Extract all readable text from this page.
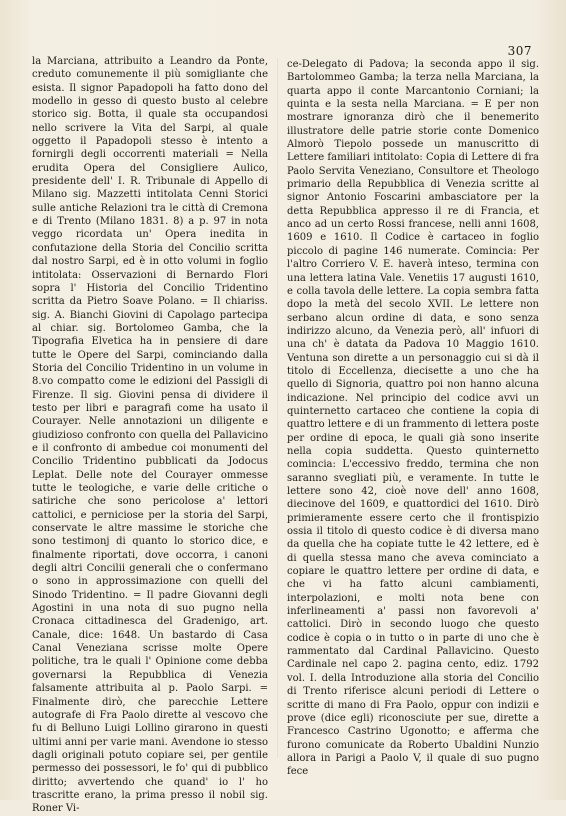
307

la Marciana, attribuito a Leandro da Ponte, creduto comunemente il più somigliante che esista. Il signor Papadopoli ha fatto dono del modello in gesso di questo busto al celebre storico sig. Botta, il quale sta occupandosi nello scrivere la Vita del Sarpi, al quale oggetto il Papadopoli stesso è intento a fornirgli degli occorrenti materiali = Nella erudita Opera del Consigliere Aulico, presidente dell' I. R. Tribunale di Appello di Milano sig. Mazzetti intitolata Cenni Storici sulle antiche Relazioni tra le città di Cremona e di Trento (Milano 1831. 8) a p. 97 in nota veggo ricordata un' Opera inedita in confutazione della Storia del Concilio scritta dal nostro Sarpi, ed è in otto volumi in foglio intitolata: Osservazioni di Bernardo Flori sopra l' Historia del Concilio Tridentino scritta da Pietro Soave Polano. = Il chiariss. sig. A. Bianchi Giovini di Capolago partecipa al chiar. sig. Bortolomeo Gamba, che la Tipografia Elvetica ha in pensiere di dare tutte le Opere del Sarpi, cominciando dalla Storia del Concilio Tridentino in un volume in 8.vo compatto come le edizioni del Passigli di Firenze. Il sig. Giovini pensa di dividere il testo per libri e paragrafi come ha usato il Courayer. Nelle annotazioni un diligente e giudizioso confronto con quella del Pallavicino e il confronto di ambedue coi monumenti del Concilio Tridentino pubblicati da Jodocus Leplat. Delle note del Courayer ommesse tutte le teologiche, e varie delle critiche o satiriche che sono pericolose a' lettori cattolici, e perniciose per la storia del Sarpi, conservate le altre massime le storiche che sono testimonj di quanto lo storico dice, e finalmente riportati, dove occorra, i canoni degli altri Concilii generali che o confermano o sono in approssimazione con quelli del Sinodo Tridentino. = Il padre Giovanni degli Agostini in una nota di suo pugno nella Cronaca cittadinesca del Gradenigo, art. Canale, dice: 1648. Un bastardo di Casa Canal Veneziana scrisse molte Opere politiche, tra le quali l' Opinione come debba governarsi la Repubblica di Venezia falsamente attribuita al p. Paolo Sarpi. = Finalmente dirò, che parecchie Lettere autografe di Fra Paolo dirette al vescovo che fu di Belluno Luigi Lollino girarono in questi ultimi anni per varie mani. Avendone io stesso dagli originali potuto copiare sei, per gentile permesso dei possessori, le fo' qui di pubblico diritto; avvertendo che quand' io l' ho trascritte erano, la prima presso il nobil sig. Roner Vi-

ce-Delegato di Padova; la seconda appo il sig. Bartolommeo Gamba; la terza nella Marciana, la quarta appo il conte Marcantonio Corniani; la quinta e la sesta nella Marciana. = E per non mostrare ignoranza dirò che il benemerito illustratore delle patrie storie conte Domenico Almorò Tiepolo possede un manuscritto di Lettere familiari intitolato: Copia di Lettere di fra Paolo Servita Veneziano, Consultore et Theologo primario della Repubblica di Venezia scritte al signor Antonio Foscarini ambasciatore per la detta Repubblica appresso il re di Francia, et anco ad un certo Rossi francese, nelli anni 1608, 1609 e 1610. Il Codice è cartaceo in foglio piccolo di pagine 146 numerate. Comincia: Per l'altro Corriero V. E. haverà inteso, termina con una lettera latina Vale. Venetiis 17 augusti 1610, e colla tavola delle lettere. La copia sembra fatta dopo la metà del secolo XVII. Le lettere non serbano alcun ordine di data, e sono senza indirizzo alcuno, da Venezia però, all' infuori di una ch' è datata da Padova 10 Maggio 1610. Ventuna son dirette a un personaggio cui si dà il titolo di Eccellenza, diecisette a uno che ha quello di Signoria, quattro poi non hanno alcuna indicazione. Nel principio del codice avvi un quinternetto cartaceo che contiene la copia di quattro lettere e di un frammento di lettera poste per ordine di epoca, le quali già sono inserite nella copia suddetta. Questo quinternetto comincia: L'eccessivo freddo, termina che non saranno svegliati più, e veramente. In tutte le lettere sono 42, cioè nove dell' anno 1608, diecinove del 1609, e quattordici del 1610. Dirò primieramente essere certo che il frontispizio ossia il titolo di questo codice è di diversa mano da quella che ha copiate tutte le 42 lettere, ed è di quella stessa mano che aveva cominciato a copiare le quattro lettere per ordine di data, e che vi ha fatto alcuni cambiamenti, interpolazioni, e molti nota bene con inferlineamenti a' passi non favorevoli a' cattolici. Dirò in secondo luogo che questo codice è copia o in tutto o in parte di uno che è rammentato dal Cardinal Pallavicino. Questo Cardinale nel capo 2. pagina cento, ediz. 1792 vol. I. della Introduzione alla storia del Concilio di Trento riferisce alcuni periodi di Lettere o scritte di mano di Fra Paolo, oppur con indizii e prove (dice egli) riconosciute per sue, dirette a Francesco Castrino Ugonotto; e afferma che furono comunicate da Roberto Ubaldini Nunzio allora in Parigi a Paolo V, il quale di suo pugno fece
